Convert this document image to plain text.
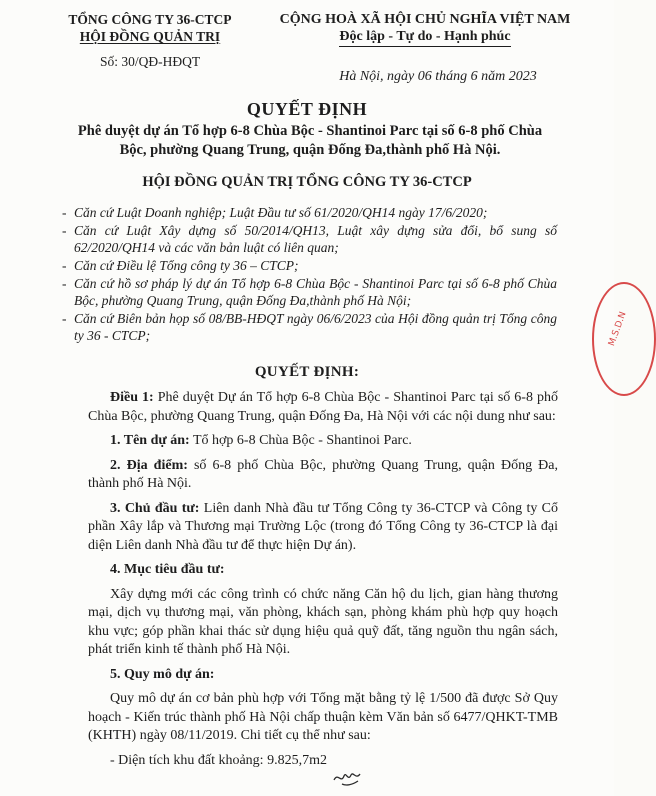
TỔNG CÔNG TY 36-CTCP
HỘI ĐỒNG QUẢN TRỊ
Số: 30/QĐ-HĐQT
CỘNG HOÀ XÃ HỘI CHỦ NGHĨA VIỆT NAM
Độc lập - Tự do - Hạnh phúc
Hà Nội, ngày 06 tháng 6 năm 2023
QUYẾT ĐỊNH
Phê duyệt dự án Tổ hợp 6-8 Chùa Bộc - Shantinoi Parc tại số 6-8 phố Chùa Bộc, phường Quang Trung, quận Đống Đa,thành phố Hà Nội.
HỘI ĐỒNG QUẢN TRỊ TỔNG CÔNG TY 36-CTCP
- Căn cứ Luật Doanh nghiệp; Luật Đầu tư số 61/2020/QH14 ngày 17/6/2020;
- Căn cứ Luật Xây dựng số 50/2014/QH13, Luật xây dựng sửa đổi, bổ sung số 62/2020/QH14 và các văn bản luật có liên quan;
- Căn cứ Điều lệ Tổng công ty 36 – CTCP;
- Căn cứ hồ sơ pháp lý dự án Tổ hợp 6-8 Chùa Bộc - Shantinoi Parc tại số 6-8 phố Chùa Bộc, phường Quang Trung, quận Đống Đa,thành phố Hà Nội;
- Căn cứ Biên bản họp số 08/BB-HĐQT ngày 06/6/2023 của Hội đồng quản trị Tổng công ty 36 - CTCP;
QUYẾT ĐỊNH:

Điều 1: Phê duyệt Dự án Tổ hợp 6-8 Chùa Bộc - Shantinoi Parc tại số 6-8 phố Chùa Bộc, phường Quang Trung, quận Đống Đa, Hà Nội với các nội dung như sau:

1. Tên dự án: Tổ hợp 6-8 Chùa Bộc - Shantinoi Parc.

2. Địa điểm: số 6-8 phố Chùa Bộc, phường Quang Trung, quận Đống Đa, thành phố Hà Nội.

3. Chủ đầu tư: Liên danh Nhà đầu tư Tổng Công ty 36-CTCP và Công ty Cổ phần Xây lắp và Thương mại Trường Lộc (trong đó Tổng Công ty 36-CTCP là đại diện Liên danh Nhà đầu tư để thực hiện Dự án).

4. Mục tiêu đầu tư:

Xây dựng mới các công trình có chức năng Căn hộ du lịch, gian hàng thương mại, dịch vụ thương mại, văn phòng, khách sạn, phòng khám phù hợp quy hoạch khu vực; góp phần khai thác sử dụng hiệu quả quỹ đất, tăng nguồn thu ngân sách, phát triển kinh tế thành phố Hà Nội.

5. Quy mô dự án:

Quy mô dự án cơ bản phù hợp với Tổng mặt bằng tỷ lệ 1/500 đã được Sở Quy hoạch - Kiến trúc thành phố Hà Nội chấp thuận kèm Văn bản số 6477/QHKT-TMB (KHTH) ngày 08/11/2019. Chi tiết cụ thể như sau:

- Diện tích khu đất khoảng: 9.825,7m2

M.S.D.N
